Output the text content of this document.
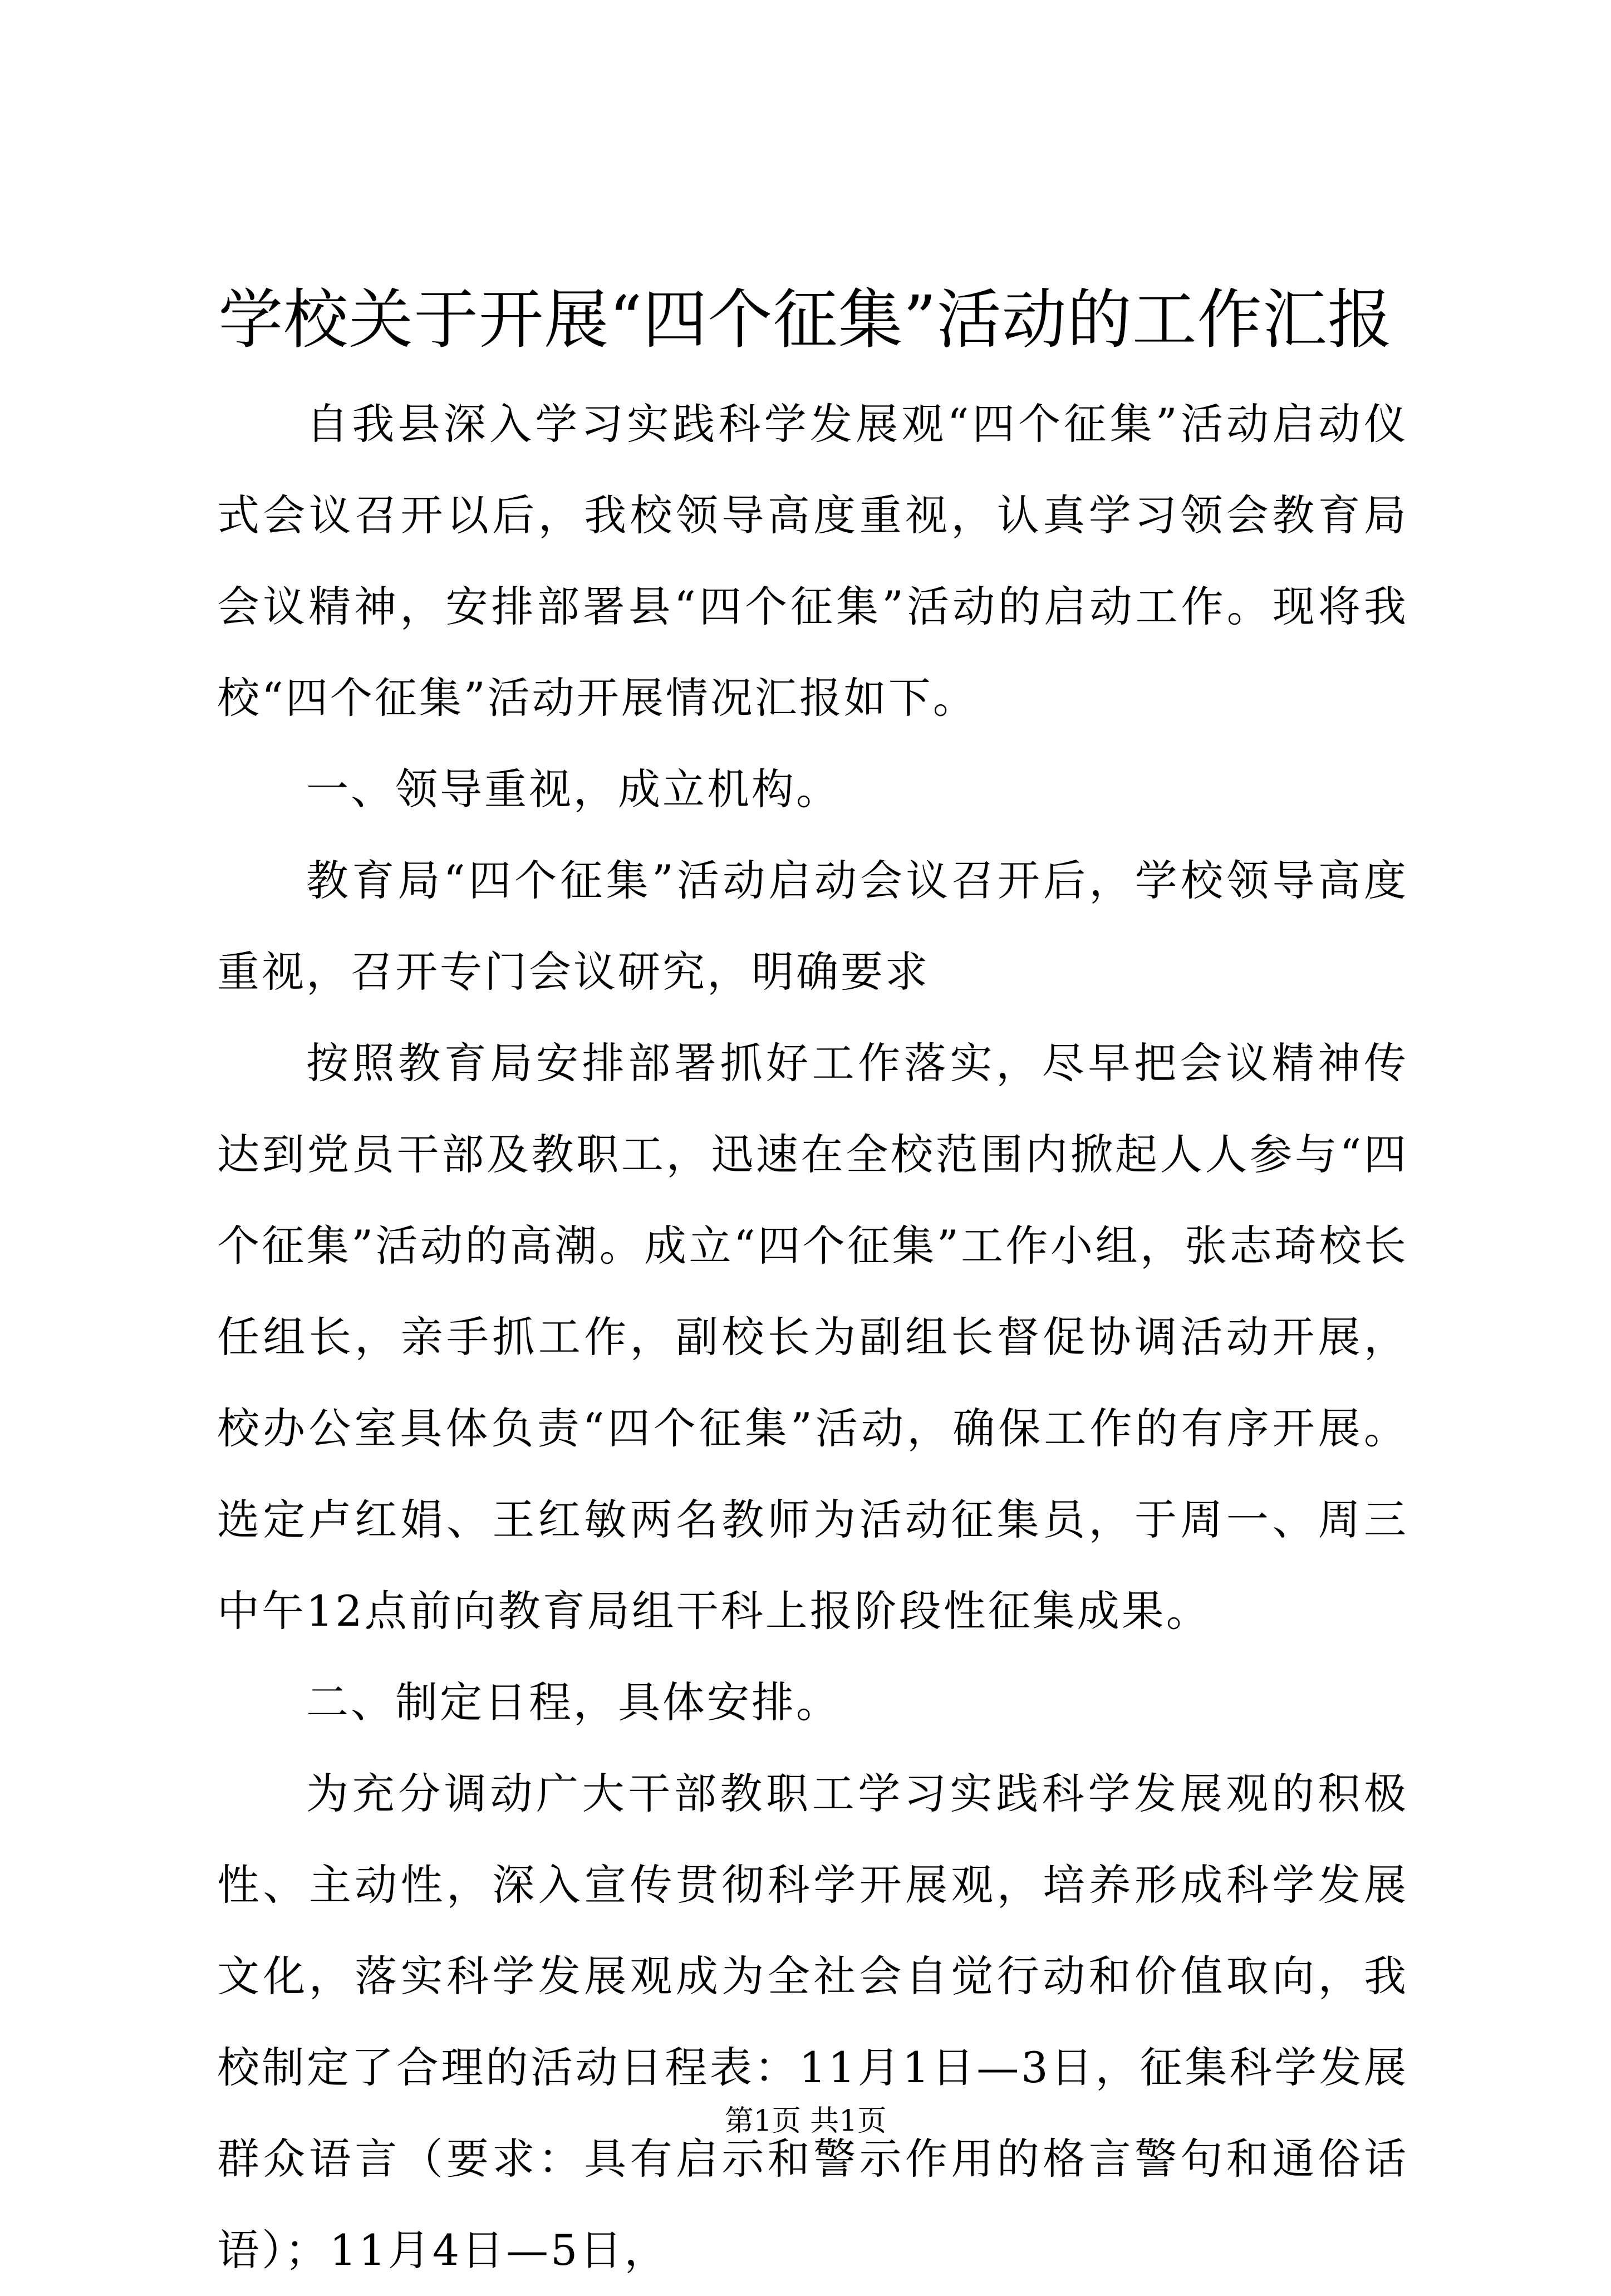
学校关于开展“四个征集”活动的工作汇报

自我县深入学习实践科学发展观“四个征集”活动启动仪式会议召开以后，我校领导高度重视，认真学习领会教育局会议精神，安排部署县“四个征集”活动的启动工作。现将我校“四个征集”活动开展情况汇报如下。

一、领导重视，成立机构。

教育局“四个征集”活动启动会议召开后，学校领导高度重视，召开专门会议研究，明确要求

按照教育局安排部署抓好工作落实，尽早把会议精神传达到党员干部及教职工，迅速在全校范围内掀起人人参与“四个征集”活动的高潮。成立“四个征集”工作小组，张志琦校长任组长，亲手抓工作，副校长为副组长督促协调活动开展，校办公室具体负责“四个征集”活动，确保工作的有序开展。选定卢红娟、王红敏两名教师为活动征集员，于周一、周三中午12点前向教育局组干科上报阶段性征集成果。

二、制定日程，具体安排。

为充分调动广大干部教职工学习实践科学发展观的积极性、主动性，深入宣传贯彻科学开展观，培养形成科学发展文化，落实科学发展观成为全社会自觉行动和价值取向，我校制定了合理的活动日程表：11月1日—3日，征集科学发展群众语言（要求：具有启示和警示作用的格言警句和通俗话语）；11月4日—5日，

第1页 共1页
